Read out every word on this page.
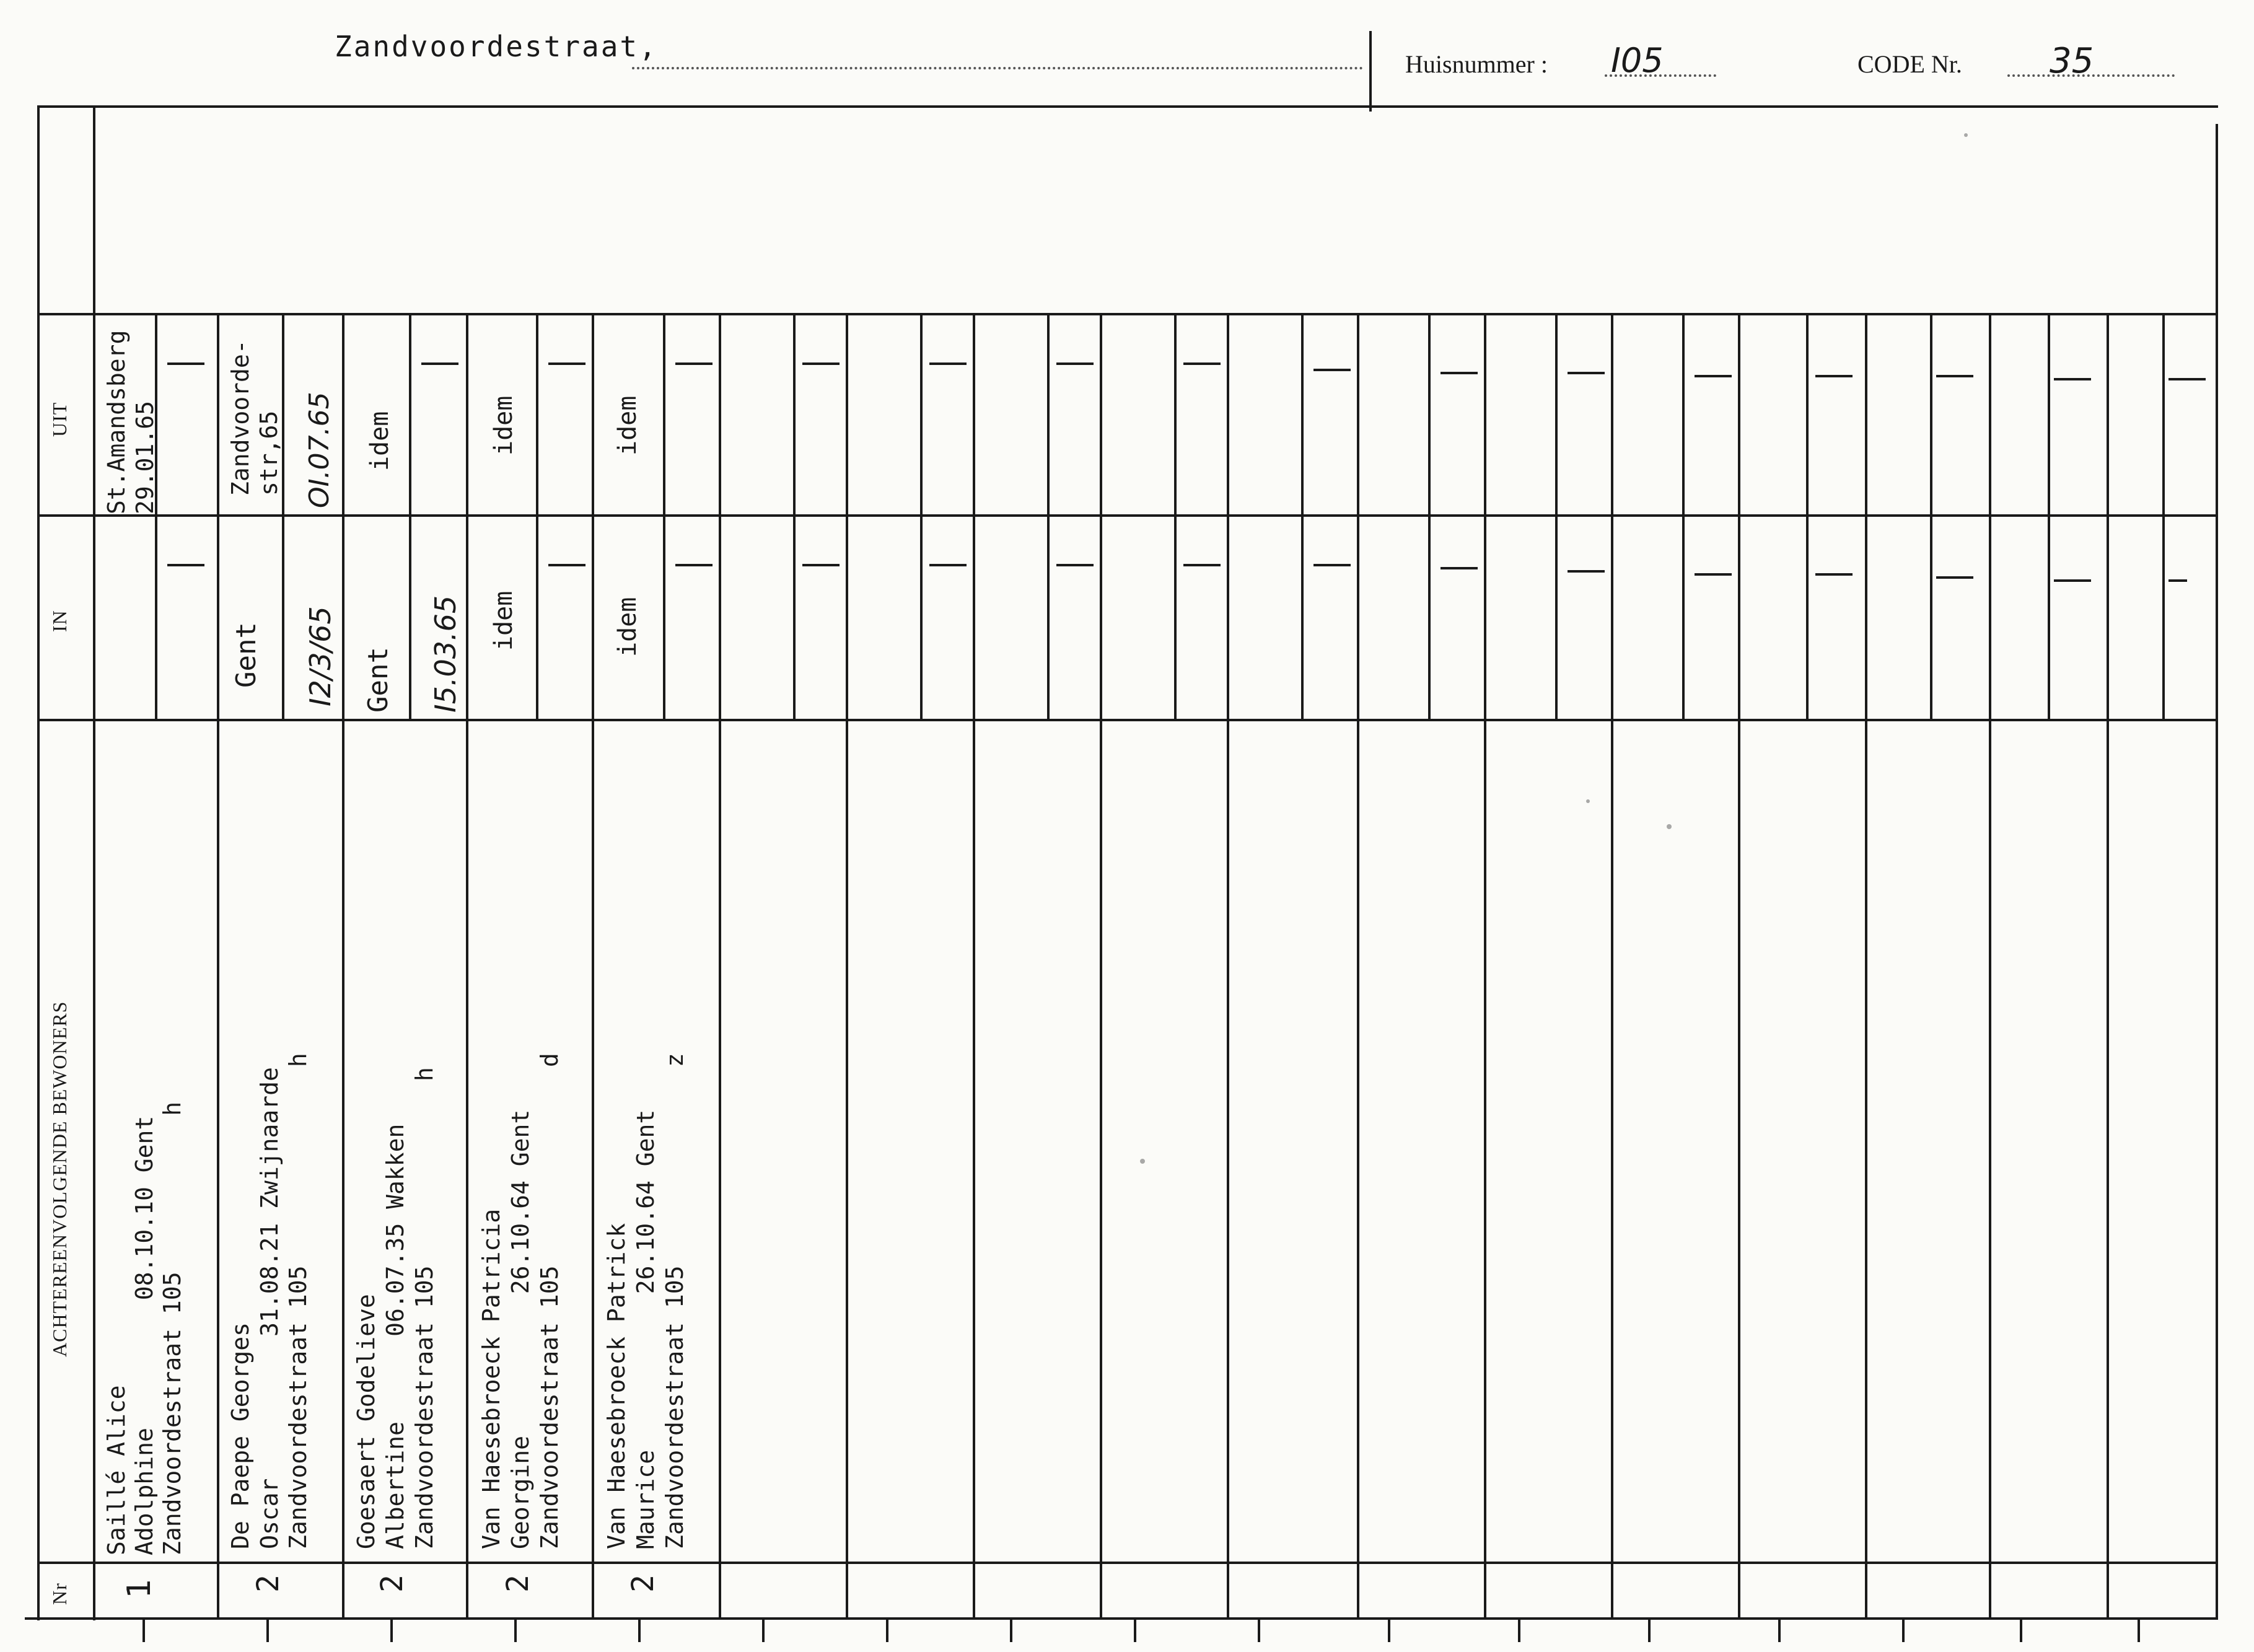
Zandvoordestraat,
Huisnummer : I05	CODE Nr.	35
Nr
ACHTEREENVOLGENDE BEWONERS
IN
UIT
1
Saillé Alice Adolphine         08.10.10 Gent Zandvoordestraat 105           h
St.Amandsberg
29.01.65
2
De Paepe Georges Oscar          31.08.21 Zwijnaarde Zandvoordestraat 105              h
Gent I2/3/65
Zandvoorde-
str,65 OI.07.65
2
Goesaert Godelieve Albertine      06.07.35 Wakken Zandvoordestraat 105             h
Gent I5.03.65
idem
2
Van Haesebroeck Patricia Georgine          26.10.64 Gent Zandvoordestraat 105              d
idem
idem
2
Van Haesebroeck Patrick Maurice           26.10.64 Gent Zandvoordestraat 105              z
idem
idem
